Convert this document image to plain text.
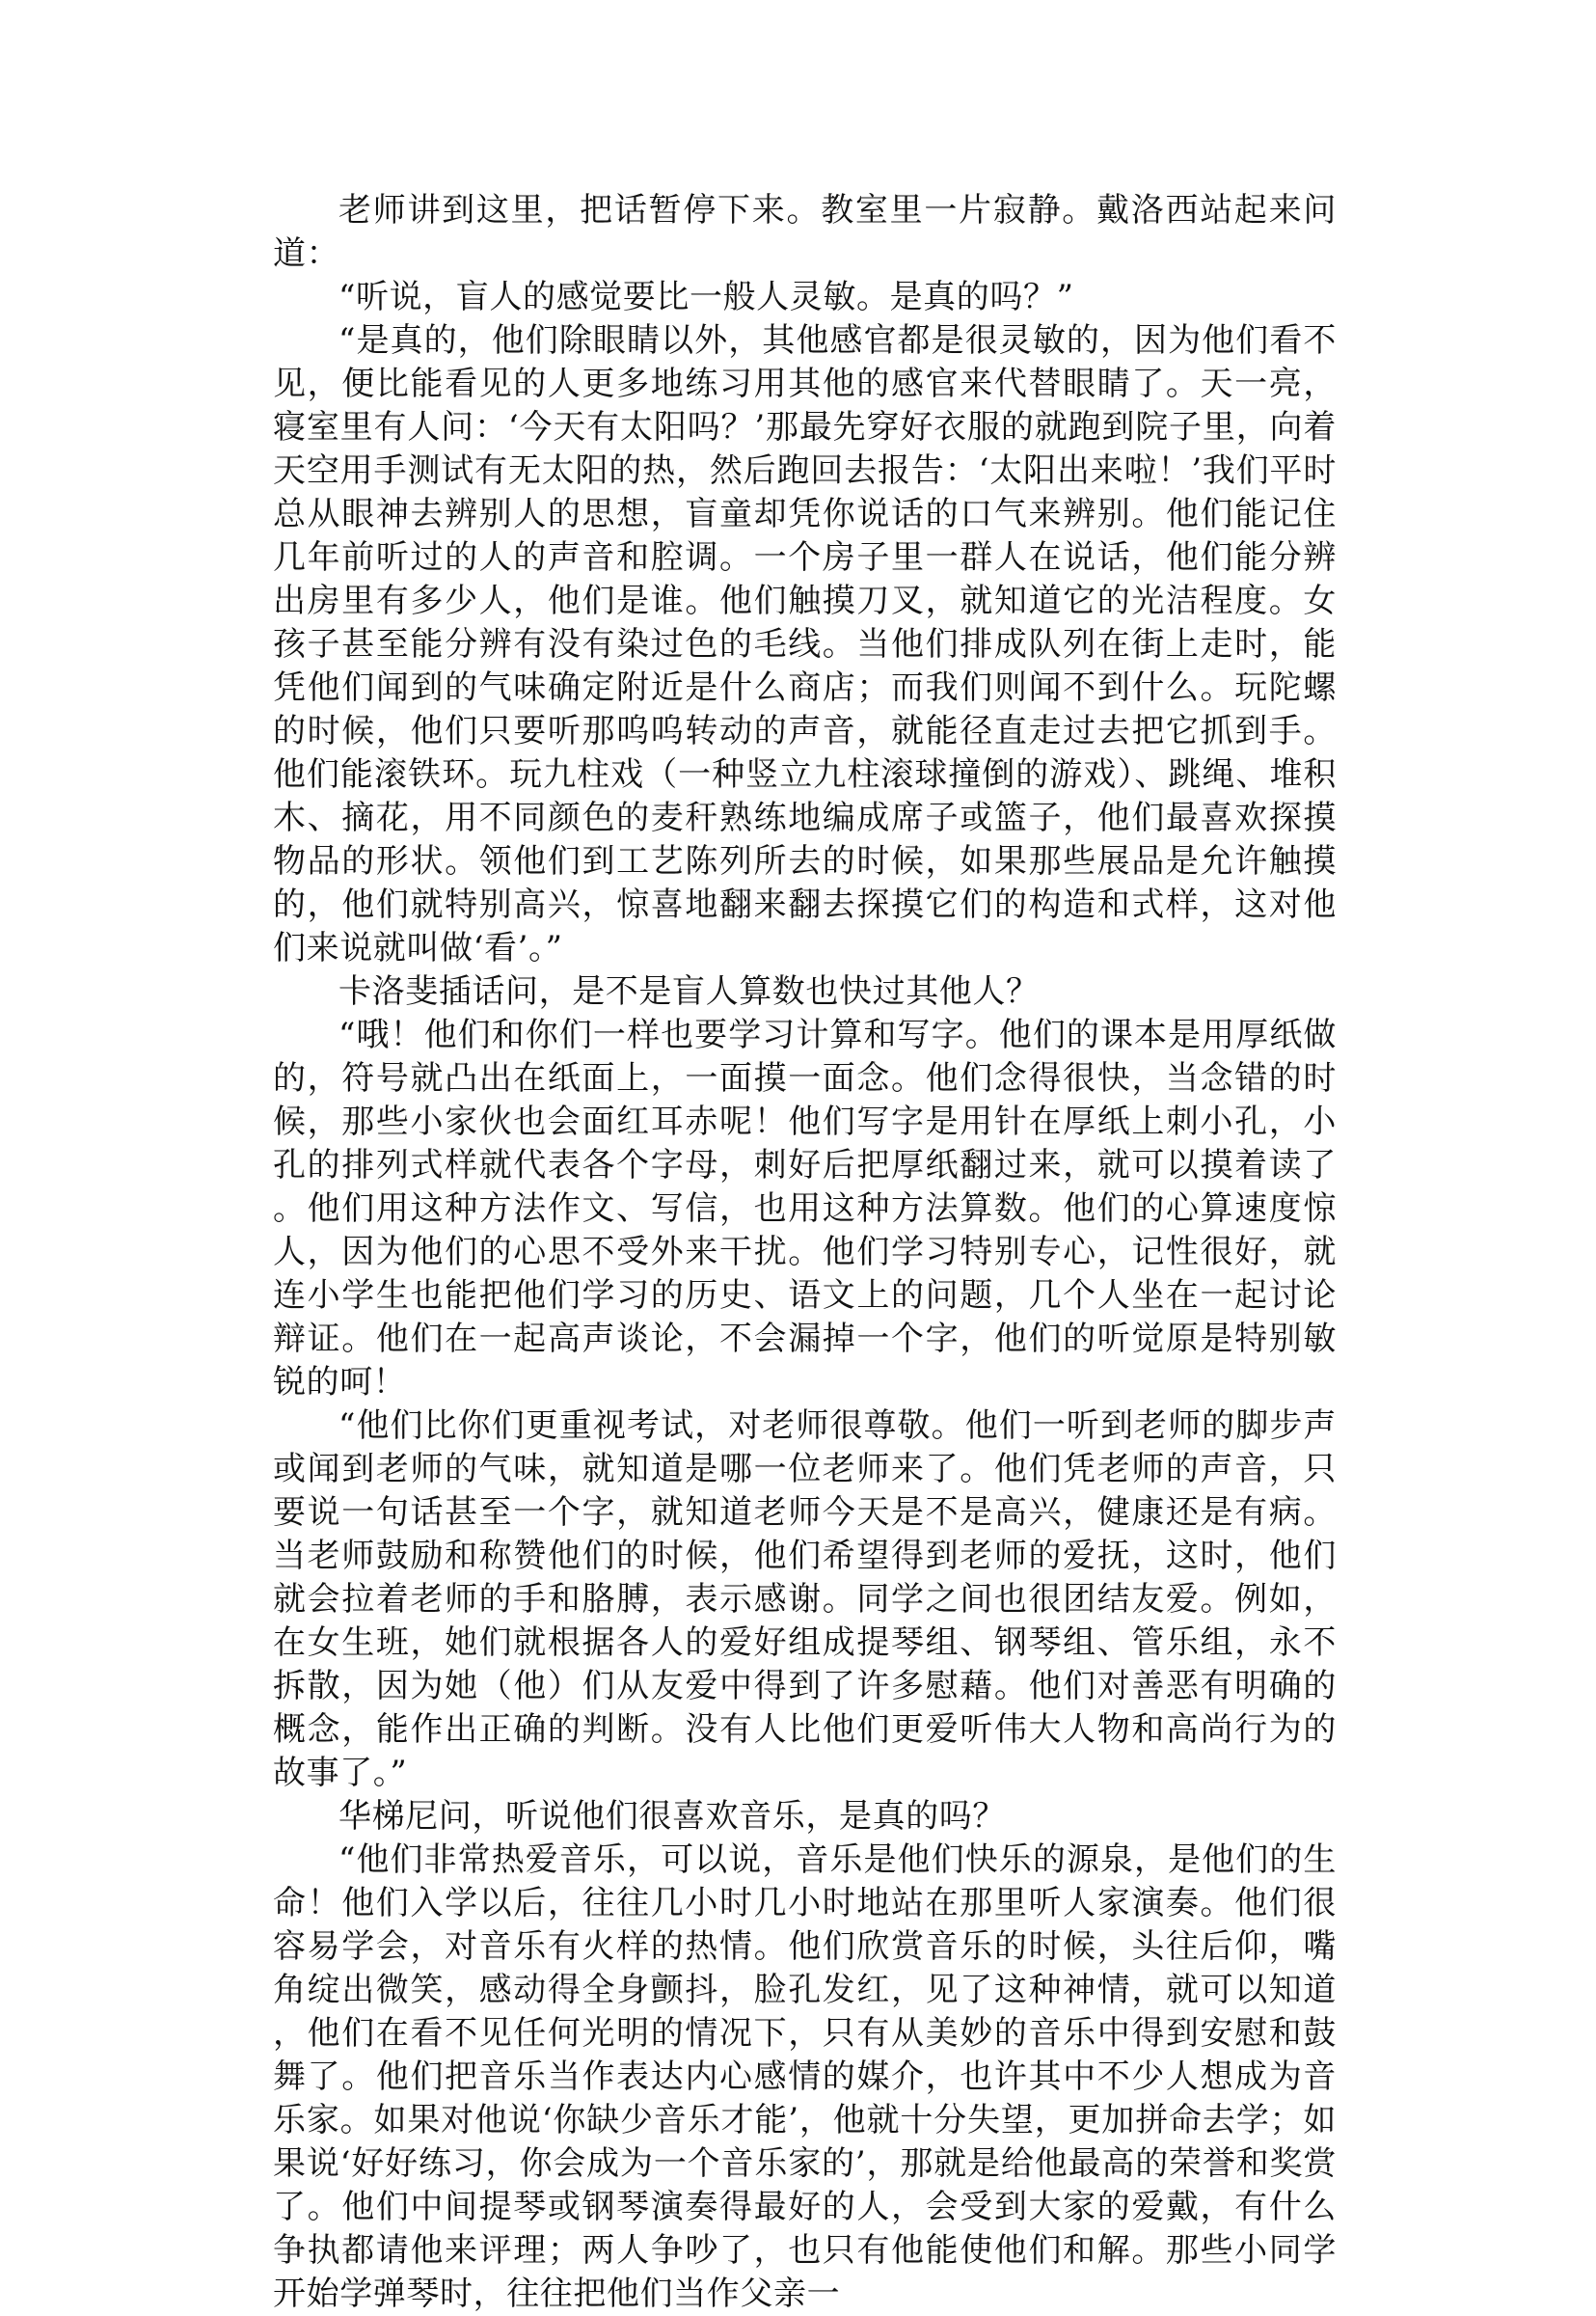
老师讲到这里，把话暂停下来。教室里一片寂静。戴洛西站起来问道：

“听说，盲人的感觉要比一般人灵敏。是真的吗？”

“是真的，他们除眼睛以外，其他感官都是很灵敏的，因为他们看不见，便比能看见的人更多地练习用其他的感官来代替眼睛了。天一亮，寝室里有人问：‘今天有太阳吗？’那最先穿好衣服的就跑到院子里，向着天空用手测试有无太阳的热，然后跑回去报告：‘太阳出来啦！’我们平时总从眼神去辨别人的思想，盲童却凭你说话的口气来辨别。他们能记住几年前听过的人的声音和腔调。一个房子里一群人在说话，他们能分辨出房里有多少人，他们是谁。他们触摸刀叉，就知道它的光洁程度。女孩子甚至能分辨有没有染过色的毛线。当他们排成队列在街上走时，能凭他们闻到的气味确定附近是什么商店；而我们则闻不到什么。玩陀螺的时候，他们只要听那呜呜转动的声音，就能径直走过去把它抓到手。他们能滚铁环。玩九柱戏（一种竖立九柱滚球撞倒的游戏）、跳绳、堆积木、摘花，用不同颜色的麦秆熟练地编成席子或篮子，他们最喜欢探摸物品的形状。领他们到工艺陈列所去的时候，如果那些展品是允许触摸的，他们就特别高兴，惊喜地翻来翻去探摸它们的构造和式样，这对他们来说就叫做‘看’。”

卡洛斐插话问，是不是盲人算数也快过其他人？

“哦！他们和你们一样也要学习计算和写字。他们的课本是用厚纸做的，符号就凸出在纸面上，一面摸一面念。他们念得很快，当念错的时候，那些小家伙也会面红耳赤呢！他们写字是用针在厚纸上刺小孔，小孔的排列式样就代表各个字母，刺好后把厚纸翻过来，就可以摸着读了。他们用这种方法作文、写信，也用这种方法算数。他们的心算速度惊人，因为他们的心思不受外来干扰。他们学习特别专心，记性很好，就连小学生也能把他们学习的历史、语文上的问题，几个人坐在一起讨论辩证。他们在一起高声谈论，不会漏掉一个字，他们的听觉原是特别敏锐的呵！

“他们比你们更重视考试，对老师很尊敬。他们一听到老师的脚步声或闻到老师的气味，就知道是哪一位老师来了。他们凭老师的声音，只要说一句话甚至一个字，就知道老师今天是不是高兴，健康还是有病。当老师鼓励和称赞他们的时候，他们希望得到老师的爱抚，这时，他们就会拉着老师的手和胳膊，表示感谢。同学之间也很团结友爱。例如，在女生班，她们就根据各人的爱好组成提琴组、钢琴组、管乐组，永不拆散，因为她（他）们从友爱中得到了许多慰藉。他们对善恶有明确的概念，能作出正确的判断。没有人比他们更爱听伟大人物和高尚行为的故事了。”

华梯尼问，听说他们很喜欢音乐，是真的吗？

“他们非常热爱音乐，可以说，音乐是他们快乐的源泉，是他们的生命！他们入学以后，往往几小时几小时地站在那里听人家演奏。他们很容易学会，对音乐有火样的热情。他们欣赏音乐的时候，头往后仰，嘴角绽出微笑，感动得全身颤抖，脸孔发红，见了这种神情，就可以知道，他们在看不见任何光明的情况下，只有从美妙的音乐中得到安慰和鼓舞了。他们把音乐当作表达内心感情的媒介，也许其中不少人想成为音乐家。如果对他说‘你缺少音乐才能’，他就十分失望，更加拼命去学；如果说‘好好练习，你会成为一个音乐家的’，那就是给他最高的荣誉和奖赏了。他们中间提琴或钢琴演奏得最好的人，会受到大家的爱戴，有什么争执都请他来评理；两人争吵了，也只有他能使他们和解。那些小同学开始学弹琴时，往往把他们当作父亲一
